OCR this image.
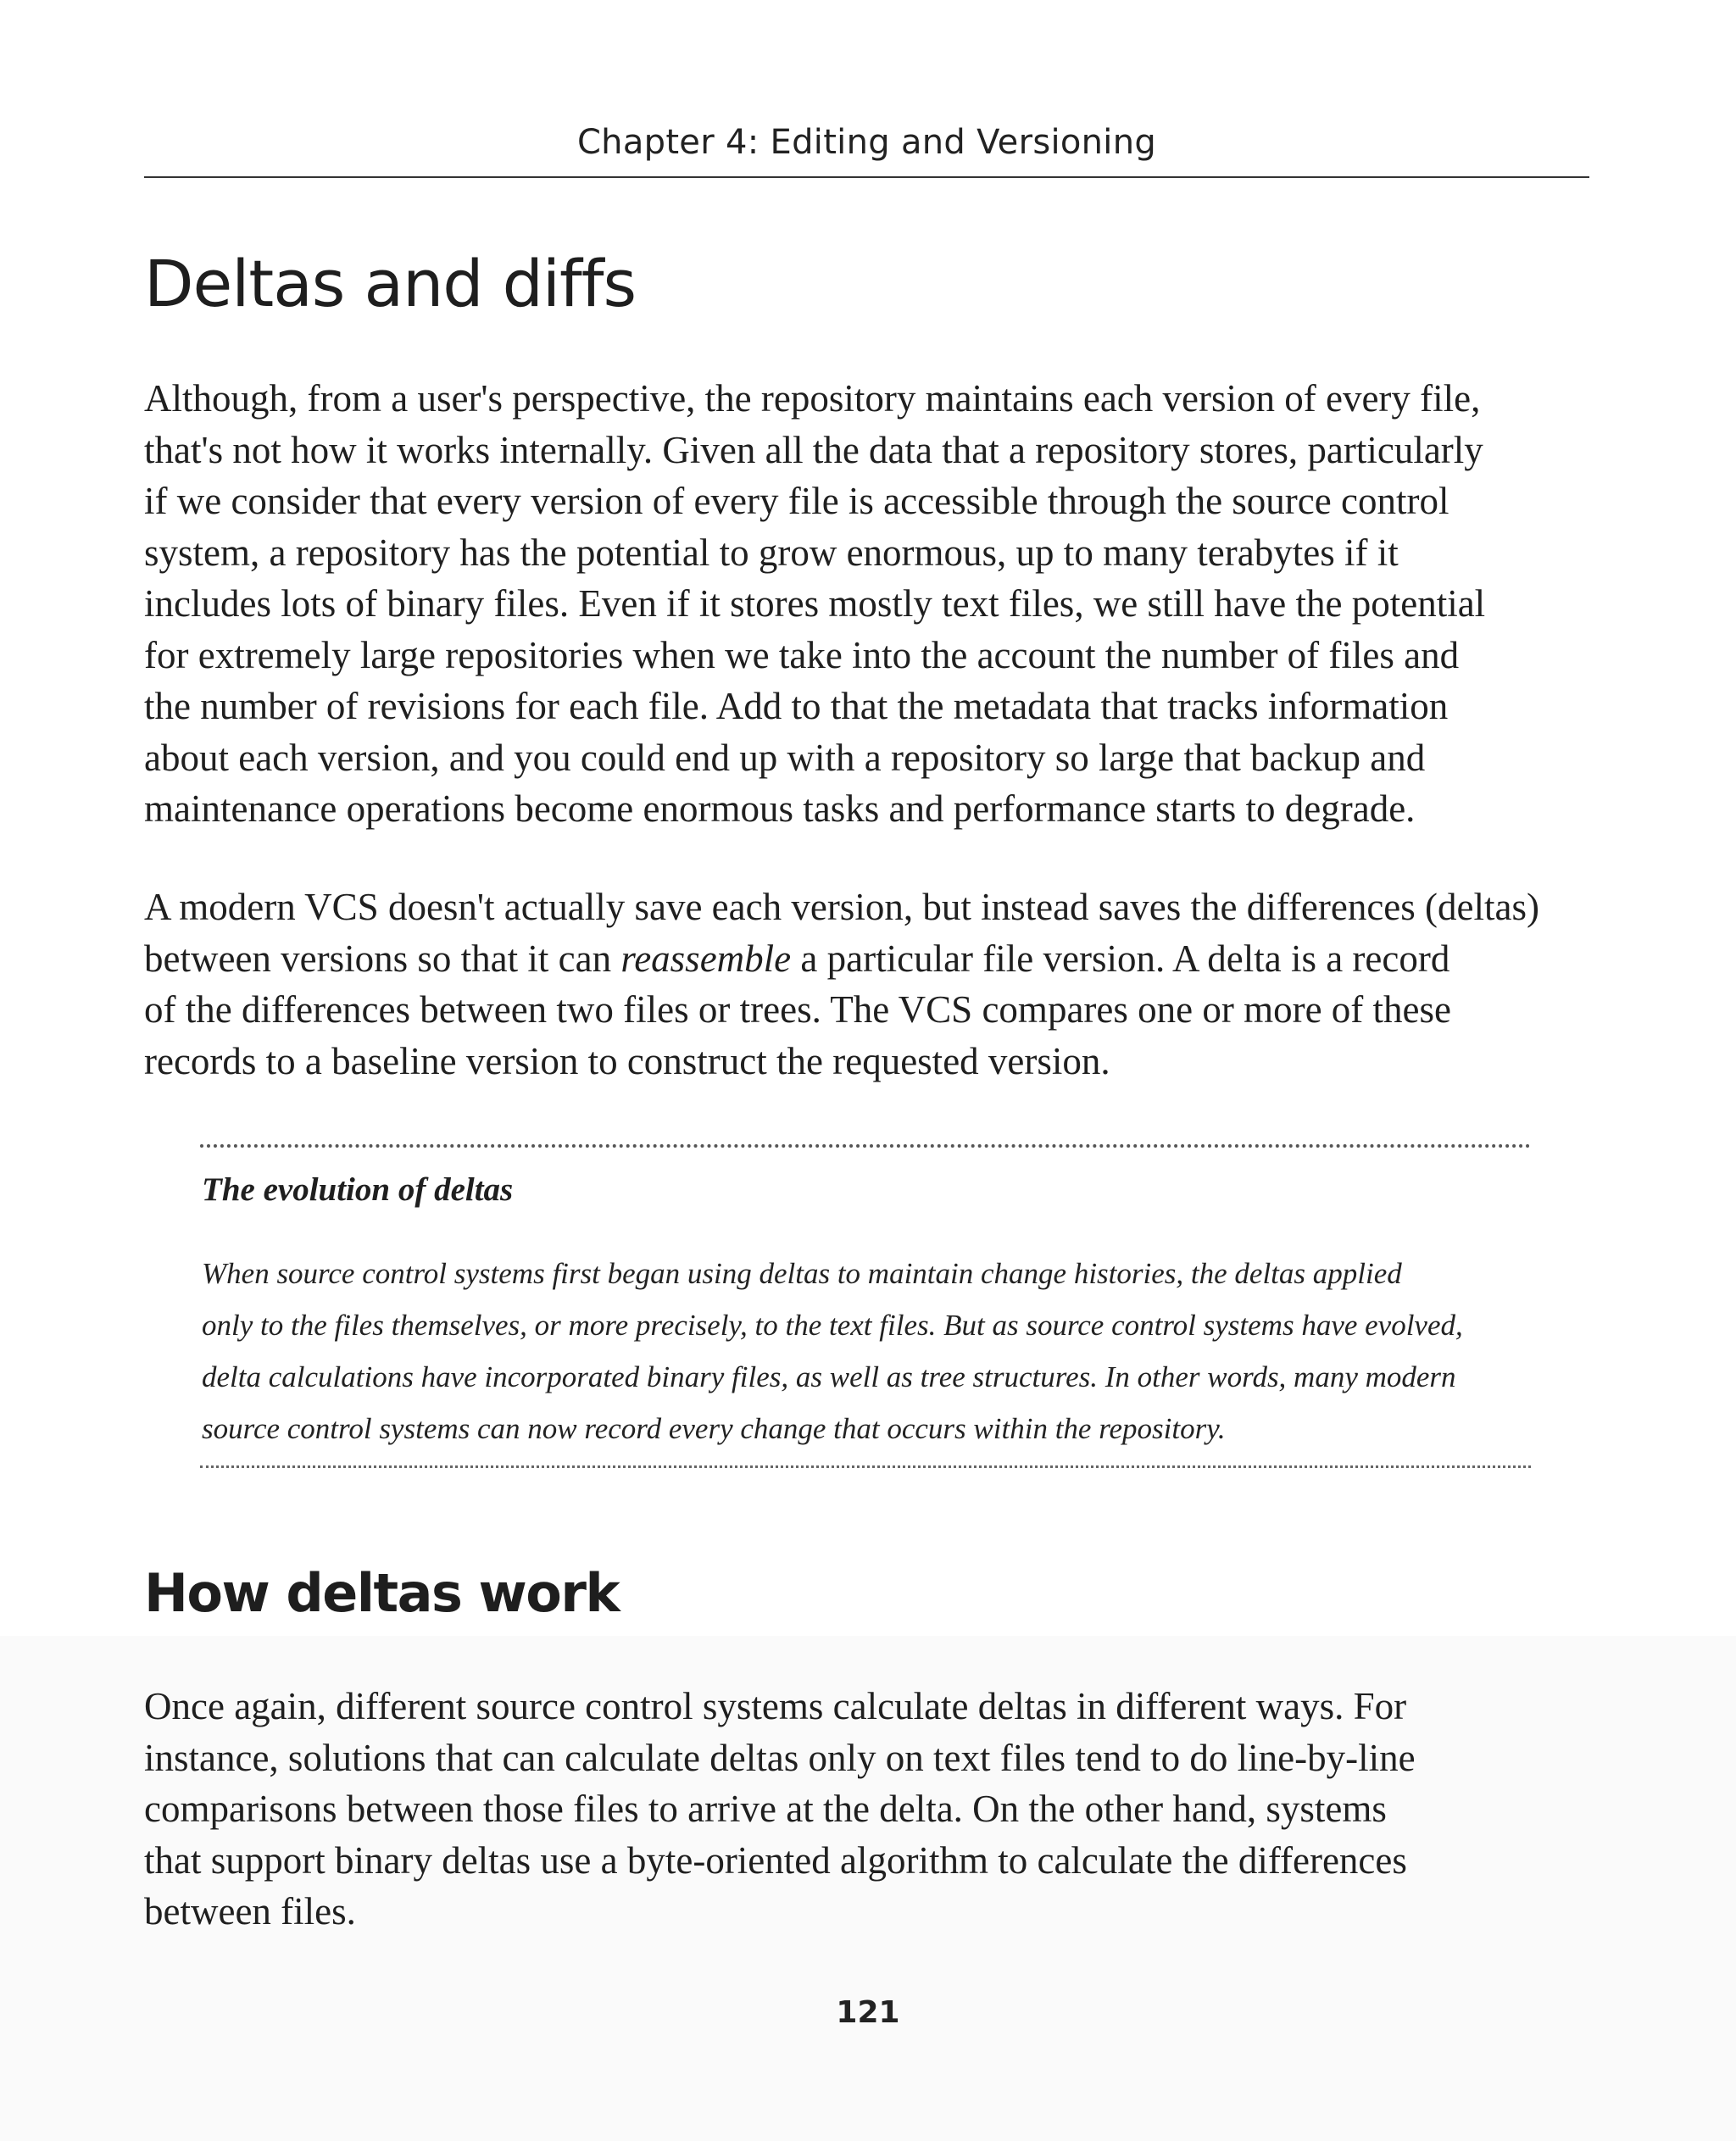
Chapter 4: Editing and Versioning
Deltas and diffs
Although, from a user's perspective, the repository maintains each version of every file,
that's not how it works internally. Given all the data that a repository stores, particularly
if we consider that every version of every file is accessible through the source control
system, a repository has the potential to grow enormous, up to many terabytes if it
includes lots of binary files. Even if it stores mostly text files, we still have the potential
for extremely large repositories when we take into the account the number of files and
the number of revisions for each file. Add to that the metadata that tracks information
about each version, and you could end up with a repository so large that backup and
maintenance operations become enormous tasks and performance starts to degrade.
A modern VCS doesn't actually save each version, but instead saves the differences (deltas)
between versions so that it can reassemble a particular file version. A delta is a record
of the differences between two files or trees. The VCS compares one or more of these
records to a baseline version to construct the requested version.
The evolution of deltas
When source control systems first began using deltas to maintain change histories, the deltas applied
only to the files themselves, or more precisely, to the text files. But as source control systems have evolved,
delta calculations have incorporated binary files, as well as tree structures. In other words, many modern
source control systems can now record every change that occurs within the repository.
How deltas work
Once again, different source control systems calculate deltas in different ways. For
instance, solutions that can calculate deltas only on text files tend to do line-by-line
comparisons between those files to arrive at the delta. On the other hand, systems
that support binary deltas use a byte-oriented algorithm to calculate the differences
between files.
121
